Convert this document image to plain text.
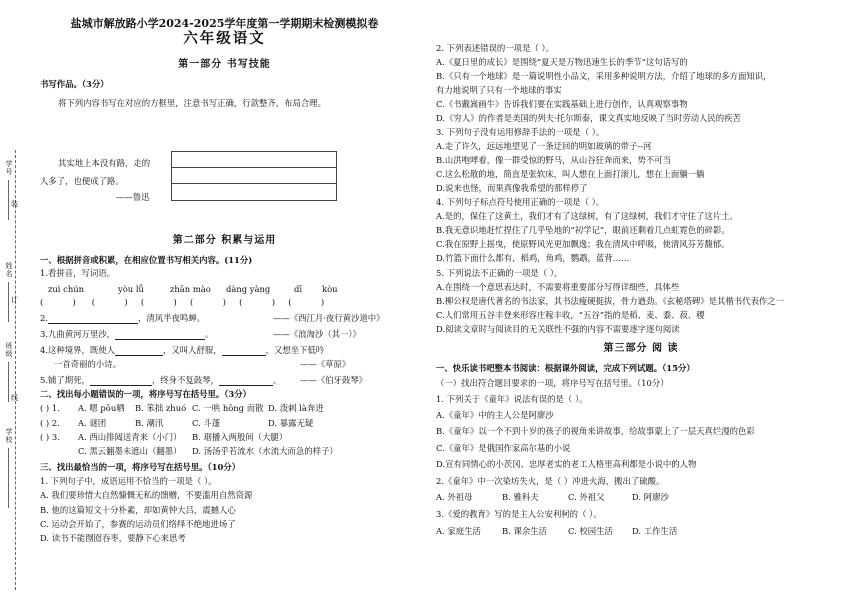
学号
姓名
班级
学校
装
订
线
盐城市解放路小学2024-2025学年度第一学期期末检测模拟卷
六年级语文
第一部分 书写技能
书写作品。（3分）
将下列内容书写在对应的方框里，注意书写正确，行款整齐，布局合理。
其实地上本没有路，走的
人多了，也便成了路。
——鲁迅
第二部分 积累与运用
一、根据拼音或积累，在相应位置书写相关内容。(11分)
1.看拼音，写词语。
zuì chún	yòu lǚ	zhān mào dàng yàng	dī kòu
(           )      (           )     (           )     (           )     (           )     (           )
2.	，清风半夜鸣蝉。	——《西江月·夜行黄沙道中》
3.九曲黄河万里沙，	。	——《浪淘沙（其一）》
4.这种境界，既使人	，又叫人舒服，	，又想坐下低吟
一首奇丽的小诗。	——《草原》
5.铺了期死，	，终身不复鼓琴，	。 ——《伯牙鼓琴》
二、找出每小题错误的一项，将序号写在括号里。（3分）
( ) 1. A. 嗯 pōu晒 B. 笨拙 zhuó C. 一哄 hōng 而散 D. 泼剌 là奔进
( ) 2. A. 谜团	B. 潮汛	C. 斗蓬	D. 暴露无疑
( ) 3. A. 西山排闼送青来（小门） B. 琚播入两般间（大腿）
C. 黑云翻墨未遮山（翻墨） D. 汤汤乎若流水（水流大而急的样子）
三、找出最恰当的一项，将序号写在括号里。（10分）
1. 下列句子中，成语运用不恰当的一项是（ ）。
A. 我们要珍惜大自然慷慨无私的馈赠，不要滥用自然资源
B. 他的这篇短文十分朴素，却如黄钟大吕，震撼人心
C. 运动会开始了，参赛的运动员们络绎不绝地进场了
D. 读书不能囫囵吞枣，要静下心来思考
2. 下列表述错误的一项是（ ）。
A.《夏日里的成长》是围绕“夏天是万物迅速生长的季节”这句话写的
B.《只有一个地球》是一篇说明性小品文，采用多种说明方法，介绍了地球的多方面知识，
有力地说明了只有一个地球的事实
C.《书戴嵩画牛》告诉我们要在实践基础上进行创作，认真观察事物
D.《穷人》的作者是美国的列夫·托尔斯泰，课文真实地反映了当时劳动人民的疾苦
3. 下列句子没有运用修辞手法的一项是（ ）。
A.走了许久，远远地望见了一条迂回的明如玻璃的带子--河
B.山洪咆哮着，像一群受惊的野马，从山谷狂奔而来，势不可当
C.这么松散的地，简直是张软床，叫人想在上面打滚儿，想在上面躺一躺
D.说来也怪，而果真像我希望的那样停了
4. 下列句子标点符号使用正确的一项是（ ）。
A.是的，保住了这黄土，我们才有了这绿树，有了这绿树，我们才守住了这片土。
B.我无意识地赶忙捏住了几乎坠地的“初学记”，眼前还剩着几点虹霓色的碎影。
C.我在原野上摇曳，使原野风光更加飘逸；我在清风中呼吸，使清风芬芳馥郁。
D.竹篮下面什么都有，稻鸡，角鸡，鹦鹉，蓝背……
5. 下列说法不正确的一项是（ ）。
A.在围绕一个意思表达时，不需要将重要部分写得详细些，具体些
B.柳公权是唐代著名的书法家，其书法瘦硬挺拔，骨力遒劲。《玄秘塔碑》是其楷书代表作之一
C.人们常用五谷丰登来形容庄稼丰收，“五谷”指的是稻、麦、黍、菽、稷
D.阅读文章时与阅读目的无关联性不强的内容不需要逐字逐句阅读
第三部分 阅 读
一、快乐读书吧整本书阅读：根据课外阅读，完成下列试题。（15分）
（一）找出符合题目要求的一项，将序号写在括号里。（10分）
1. 下列关于《童年》说法有误的是（ ）。
A.《童年》中的主人公是阿廖沙
B.《童年》以一个不到十岁的孩子的视角来讲故事，给故事蒙上了一层天真烂漫的色彩
C.《童年》是俄国作家高尔基的小说
D.宣有同情心的小茨冈、忠厚老实的老工人格里高利都是小说中的人物
2.《童年》中一次染坊失火，是（ ）冲进火海，搬出了硫酸。
A. 外祖母	B. 雅科夫	C. 外祖父	D. 阿廖沙
3.《爱的教育》写的是主人公安利柯的（ ）。
A. 家庭生活	B. 课余生活	C. 校园生活 D. 工作生活
